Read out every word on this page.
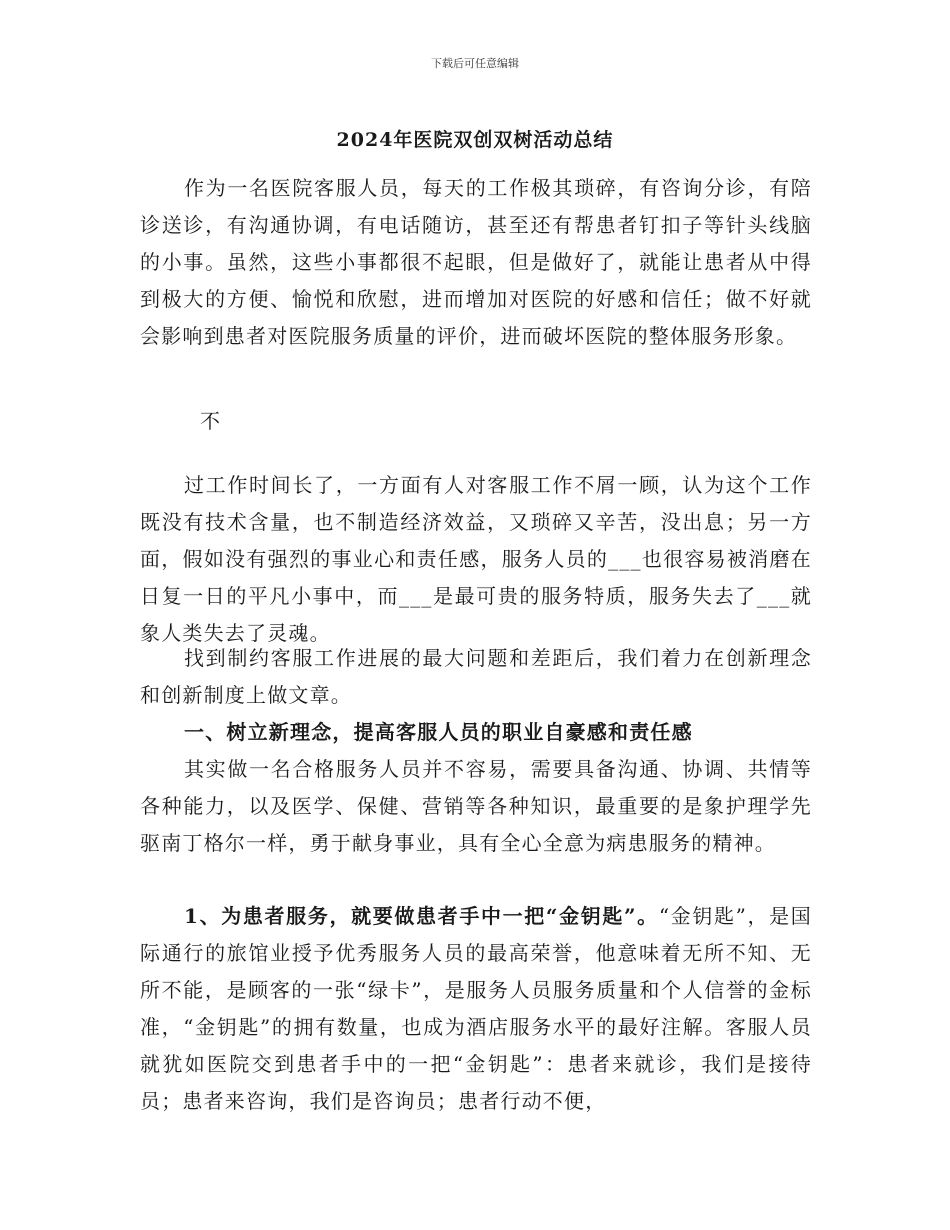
下载后可任意编辑
2024年医院双创双树活动总结

作为一名医院客服人员，每天的工作极其琐碎，有咨询分诊，有陪诊送诊，有沟通协调，有电话随访，甚至还有帮患者钉扣子等针头线脑的小事。虽然，这些小事都很不起眼，但是做好了，就能让患者从中得到极大的方便、愉悦和欣慰，进而增加对医院的好感和信任；做不好就会影响到患者对医院服务质量的评价，进而破坏医院的整体服务形象。

不

过工作时间长了，一方面有人对客服工作不屑一顾，认为这个工作既没有技术含量，也不制造经济效益，又琐碎又辛苦，没出息；另一方面，假如没有强烈的事业心和责任感，服务人员的___也很容易被消磨在日复一日的平凡小事中，而___是最可贵的服务特质，服务失去了___就象人类失去了灵魂。

找到制约客服工作进展的最大问题和差距后，我们着力在创新理念和创新制度上做文章。

一、树立新理念，提高客服人员的职业自豪感和责任感

其实做一名合格服务人员并不容易，需要具备沟通、协调、共情等各种能力，以及医学、保健、营销等各种知识，最重要的是象护理学先驱南丁格尔一样，勇于献身事业，具有全心全意为病患服务的精神。

1、为患者服务，就要做患者手中一把“金钥匙”。“金钥匙”，是国际通行的旅馆业授予优秀服务人员的最高荣誉，他意味着无所不知、无所不能，是顾客的一张“绿卡”，是服务人员服务质量和个人信誉的金标准，“金钥匙”的拥有数量，也成为酒店服务水平的最好注解。客服人员就犹如医院交到患者手中的一把“金钥匙”：患者来就诊，我们是接待员；患者来咨询，我们是咨询员；患者行动不便，
